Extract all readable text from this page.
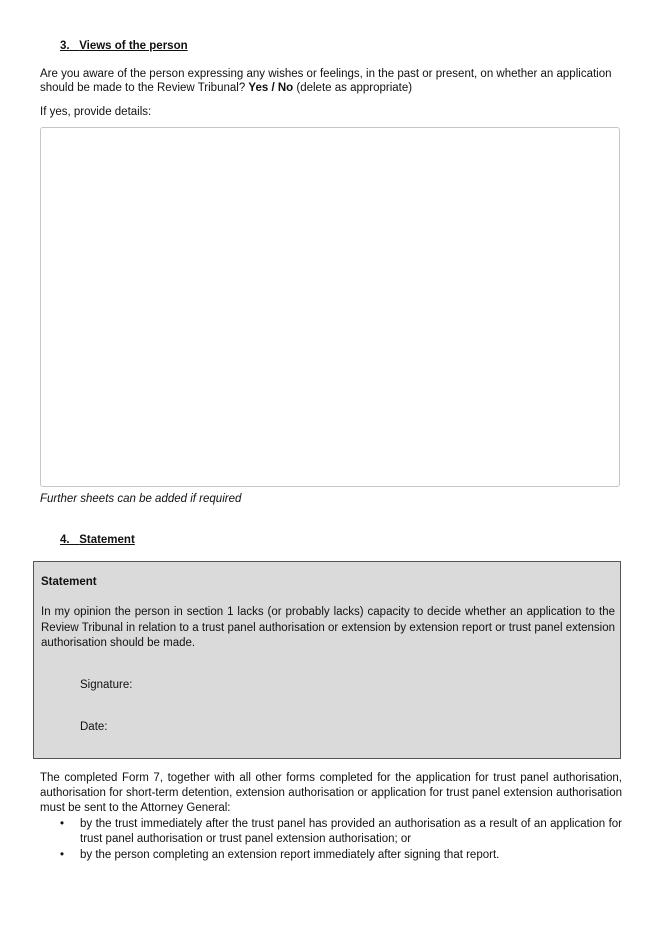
3. Views of the person
Are you aware of the person expressing any wishes or feelings, in the past or present, on whether an application should be made to the Review Tribunal? Yes / No (delete as appropriate)
If yes, provide details:
Further sheets can be added if required
4. Statement
Statement
In my opinion the person in section 1 lacks (or probably lacks) capacity to decide whether an application to the Review Tribunal in relation to a trust panel authorisation or extension by extension report or trust panel extension authorisation should be made.
Signature:
Date:
The completed Form 7, together with all other forms completed for the application for trust panel authorisation, authorisation for short-term detention, extension authorisation or application for trust panel extension authorisation must be sent to the Attorney General:
•	by the trust immediately after the trust panel has provided an authorisation as a result of an application for trust panel authorisation or trust panel extension authorisation; or
•	by the person completing an extension report immediately after signing that report.
